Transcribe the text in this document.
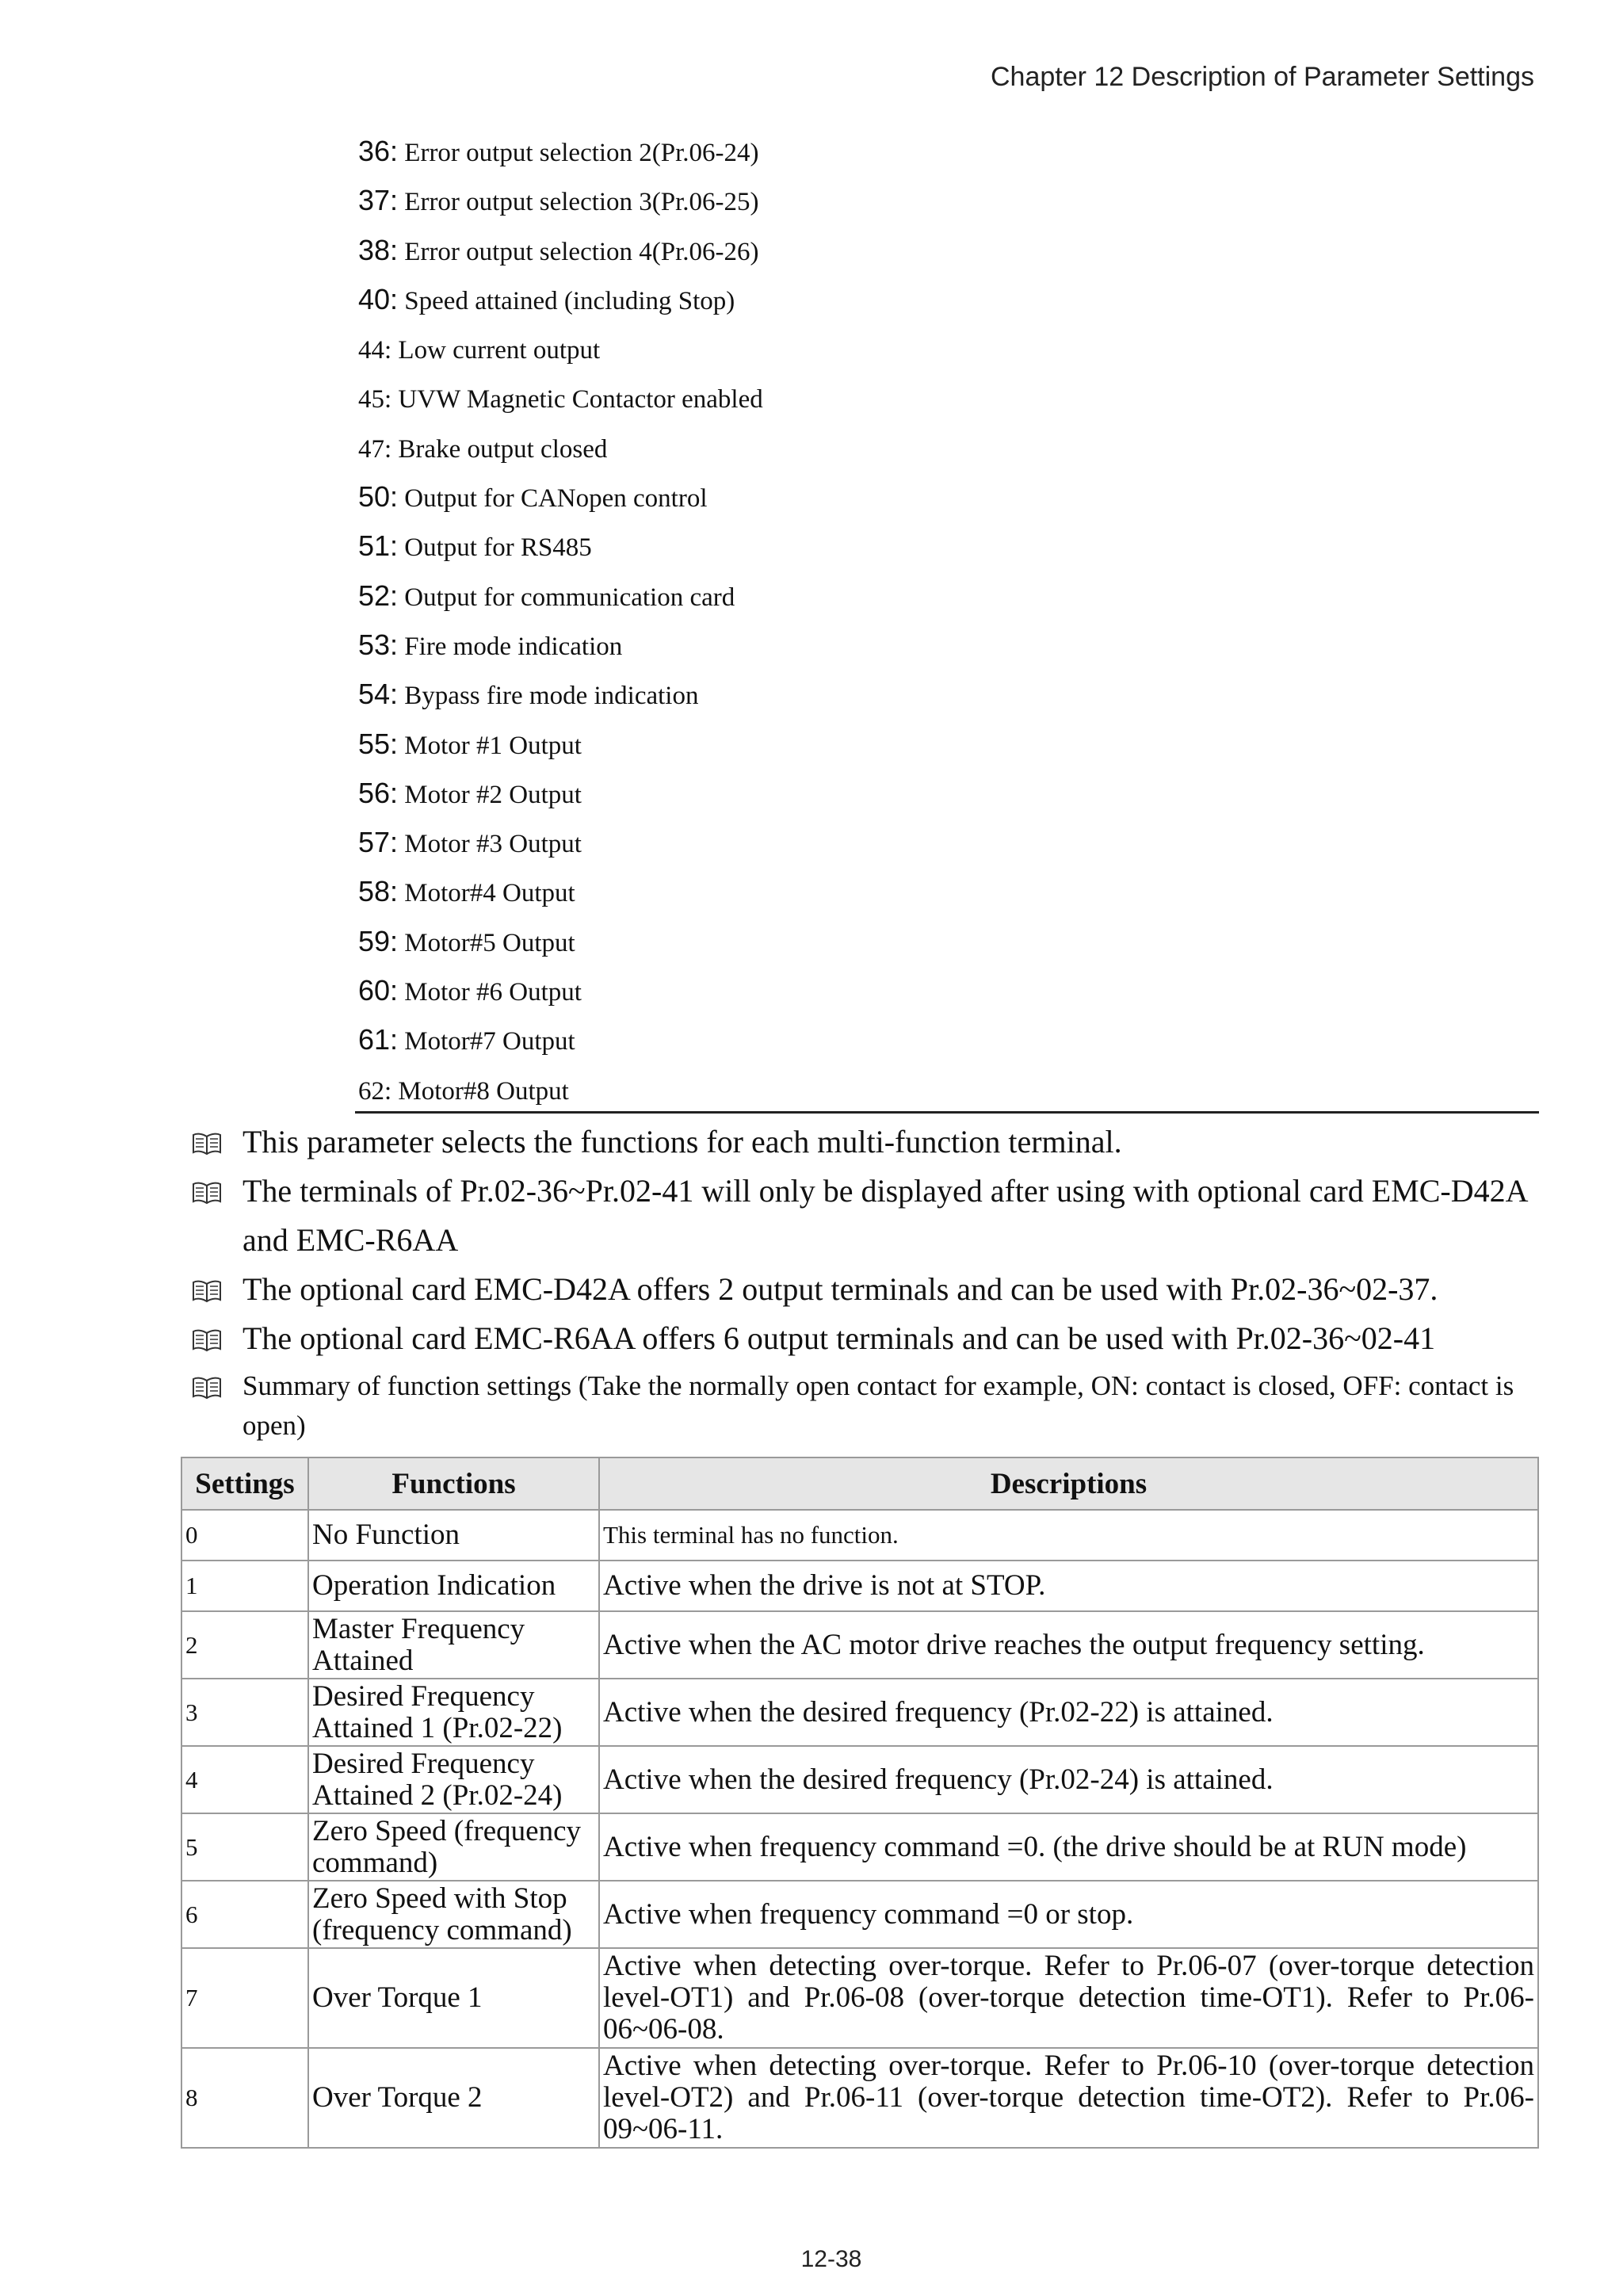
Chapter 12 Description of Parameter Settings
36: Error output selection 2(Pr.06-24)
37: Error output selection 3(Pr.06-25)
38: Error output selection 4(Pr.06-26)
40: Speed attained (including Stop)
44: Low current output
45: UVW Magnetic Contactor enabled
47: Brake output closed
50: Output for CANopen control
51: Output for RS485
52: Output for communication card
53: Fire mode indication
54: Bypass fire mode indication
55: Motor #1 Output
56: Motor #2 Output
57: Motor #3 Output
58: Motor#4 Output
59: Motor#5 Output
60: Motor #6 Output
61: Motor#7 Output
62: Motor#8 Output
This parameter selects the functions for each multi-function terminal.
The terminals of Pr.02-36~Pr.02-41 will only be displayed after using with optional card EMC-D42A and EMC-R6AA
The optional card EMC-D42A offers 2 output terminals and can be used with Pr.02-36~02-37.
The optional card EMC-R6AA offers 6 output terminals and can be used with Pr.02-36~02-41
Summary of function settings (Take the normally open contact for example, ON: contact is closed, OFF: contact is open)
Settings	Functions	Descriptions
0	No Function	This terminal has no function.
1	Operation Indication	Active when the drive is not at STOP.
2	Master Frequency Attained	Active when the AC motor drive reaches the output frequency setting.
3	Desired Frequency Attained 1 (Pr.02-22)	Active when the desired frequency (Pr.02-22) is attained.
4	Desired Frequency Attained 2 (Pr.02-24)	Active when the desired frequency (Pr.02-24) is attained.
5	Zero Speed (frequency command)	Active when frequency command =0. (the drive should be at RUN mode)
6	Zero Speed with Stop (frequency command)	Active when frequency command =0 or stop.
7	Over Torque 1	Active when detecting over-torque. Refer to Pr.06-07 (over-torque detection level-OT1) and Pr.06-08 (over-torque detection time-OT1). Refer to Pr.06-06~06-08.
8	Over Torque 2	Active when detecting over-torque. Refer to Pr.06-10 (over-torque detection level-OT2) and Pr.06-11 (over-torque detection time-OT2). Refer to Pr.06-09~06-11.
12-38
